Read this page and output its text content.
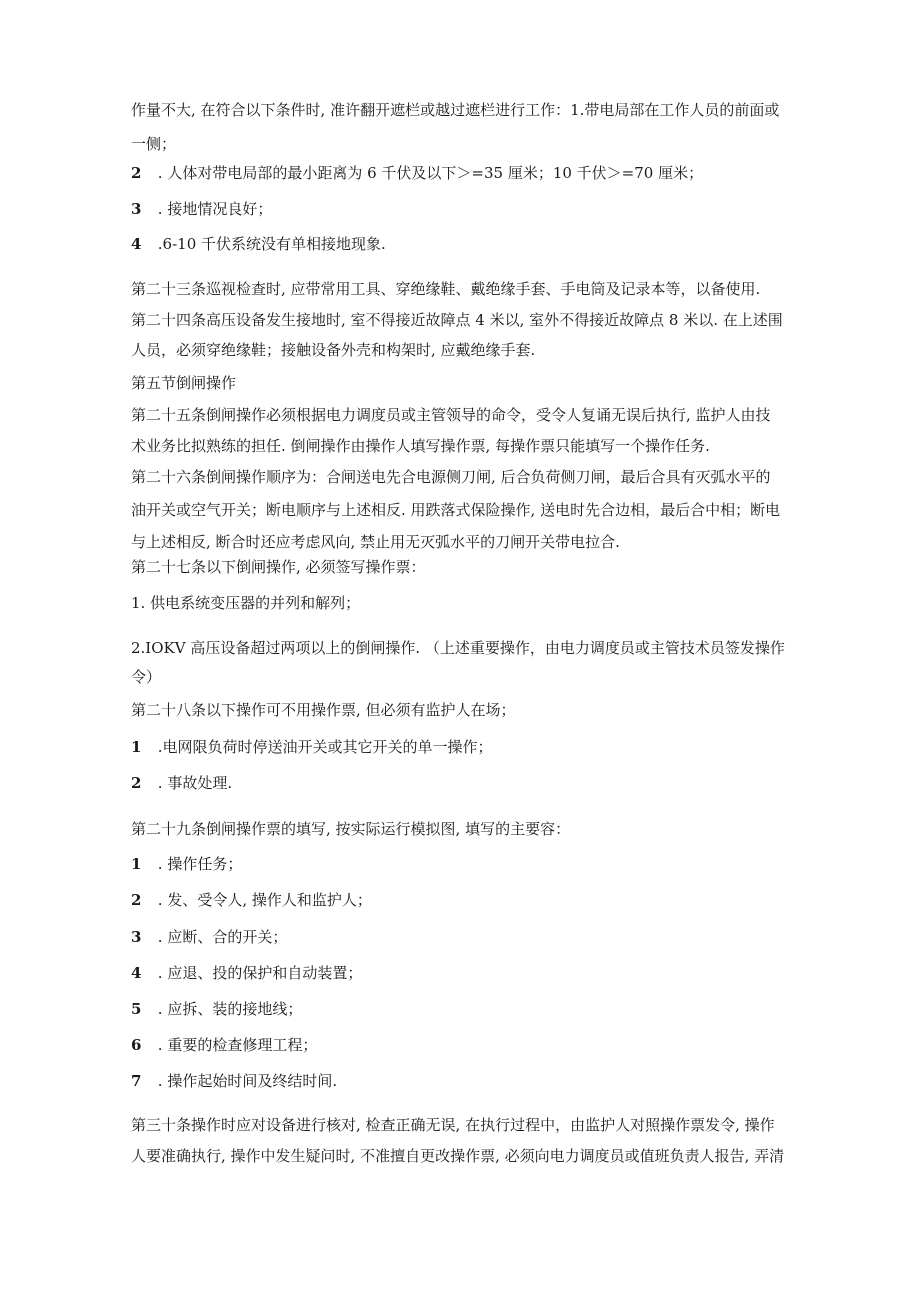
作量不大, 在符合以下条件时, 准许翻开遮栏或越过遮栏进行工作：1.带电局部在工作人员的前面或
一侧；
2 . 人体对带电局部的最小距离为 6 千伏及以下＞=35 厘米；10 千伏＞=70 厘米；
3 . 接地情况良好；
4 .6-10 千伏系统没有单相接地现象.
第二十三条巡视检查时, 应带常用工具、穿绝缘鞋、戴绝缘手套、手电筒及记录本等，以备使用.
第二十四条高压设备发生接地时, 室不得接近故障点 4 米以, 室外不得接近故障点 8 米以. 在上述围
人员，必须穿绝缘鞋；接触设备外壳和构架时, 应戴绝缘手套.
第五节倒闸操作
第二十五条倒闸操作必须根据电力调度员或主管领导的命令，受令人复诵无误后执行, 监护人由技
术业务比拟熟练的担任. 倒闸操作由操作人填写操作票, 每操作票只能填写一个操作任务.
第二十六条倒闸操作顺序为：合闸送电先合电源侧刀闸, 后合负荷侧刀闸，最后合具有灭弧水平的
油开关或空气开关；断电顺序与上述相反. 用跌落式保险操作, 送电时先合边相，最后合中相；断电
与上述相反, 断合时还应考虑风向, 禁止用无灭弧水平的刀闸开关带电拉合.
第二十七条以下倒闸操作, 必须签写操作票：
1. 供电系统变压器的并列和解列；
2.IOKV 高压设备超过两项以上的倒闸操作. （上述重要操作，由电力调度员或主管技术员签发操作
令）
第二十八条以下操作可不用操作票, 但必须有监护人在场；
1 .电网限负荷时停送油开关或其它开关的单一操作；
2 . 事故处理.
第二十九条倒闸操作票的填写, 按实际运行模拟图, 填写的主要容：
1 . 操作任务；
2 . 发、受令人, 操作人和监护人；
3 . 应断、合的开关；
4 . 应退、投的保护和自动装置；
5 . 应拆、装的接地线；
6 . 重要的检查修理工程；
7 . 操作起始时间及终结时间.
第三十条操作时应对设备进行核对, 检查正确无误, 在执行过程中，由监护人对照操作票发令, 操作
人要准确执行, 操作中发生疑问时, 不准擅自更改操作票, 必须向电力调度员或值班负责人报告, 弄清
